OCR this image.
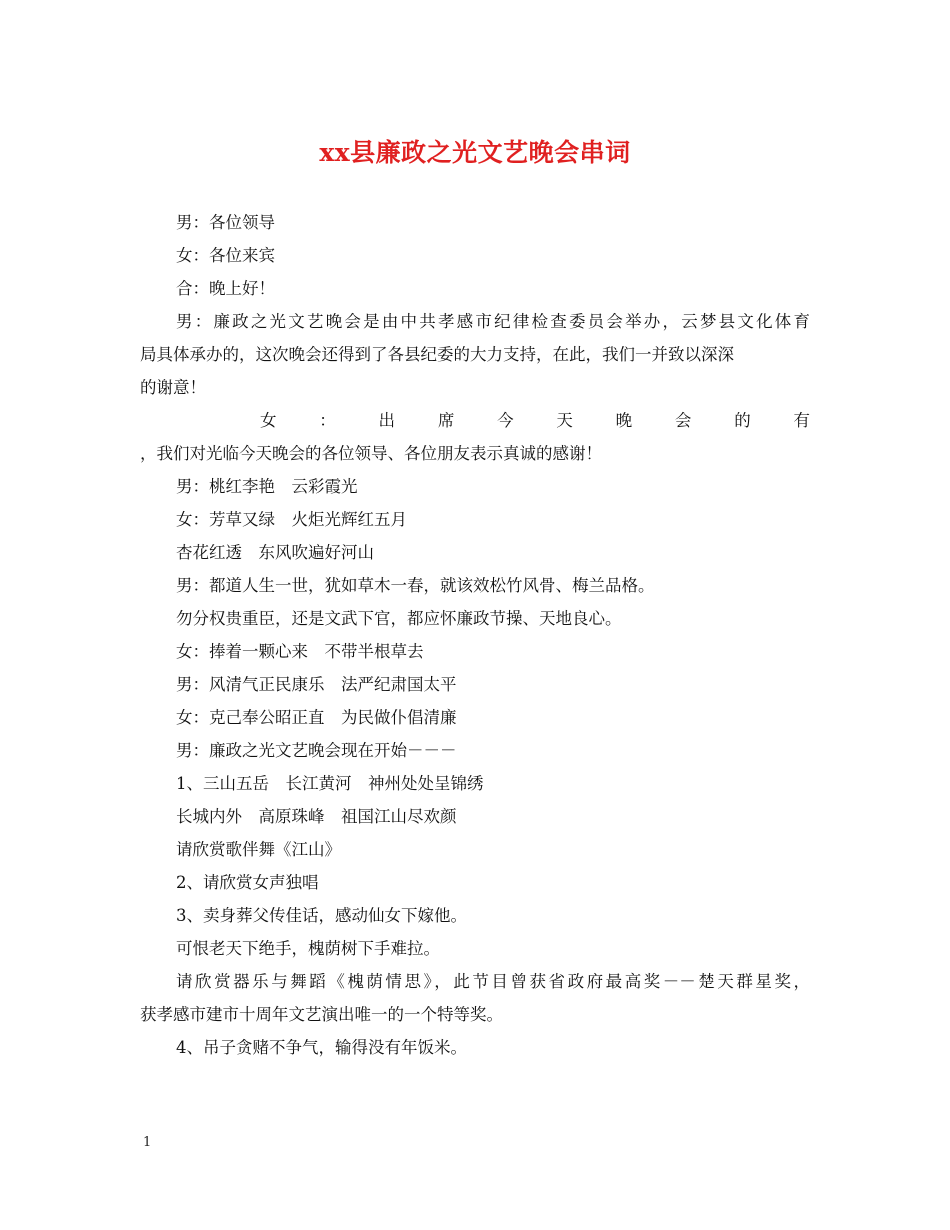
xx县廉政之光文艺晚会串词

男：各位领导

女：各位来宾

合：晚上好！

男：廉政之光文艺晚会是由中共孝感市纪律检查委员会举办，云梦县文化体育

局具体承办的，这次晚会还得到了各县纪委的大力支持，在此，我们一并致以深深

的谢意！

女 ： 出 席 今 天 晚 会 的 有

，我们对光临今天晚会的各位领导、各位朋友表示真诚的感谢！

男：桃红李艳　云彩霞光

女：芳草又绿　火炬光辉红五月

杏花红透　东风吹遍好河山

男：都道人生一世，犹如草木一春，就该效松竹风骨、梅兰品格。

勿分权贵重臣，还是文武下官，都应怀廉政节操、天地良心。

女：捧着一颗心来　不带半根草去

男：风清气正民康乐　法严纪肃国太平

女：克己奉公昭正直　为民做仆倡清廉

男：廉政之光文艺晚会现在开始－－－

1、三山五岳　长江黄河　神州处处呈锦绣

长城内外　高原珠峰　祖国江山尽欢颜

请欣赏歌伴舞《江山》

2、请欣赏女声独唱

3、卖身葬父传佳话，感动仙女下嫁他。

可恨老天下绝手，槐荫树下手难拉。

请欣赏器乐与舞蹈《槐荫情思》，此节目曾获省政府最高奖－－楚天群星奖，

获孝感市建市十周年文艺演出唯一的一个特等奖。

4、吊子贪赌不争气，输得没有年饭米。

1
